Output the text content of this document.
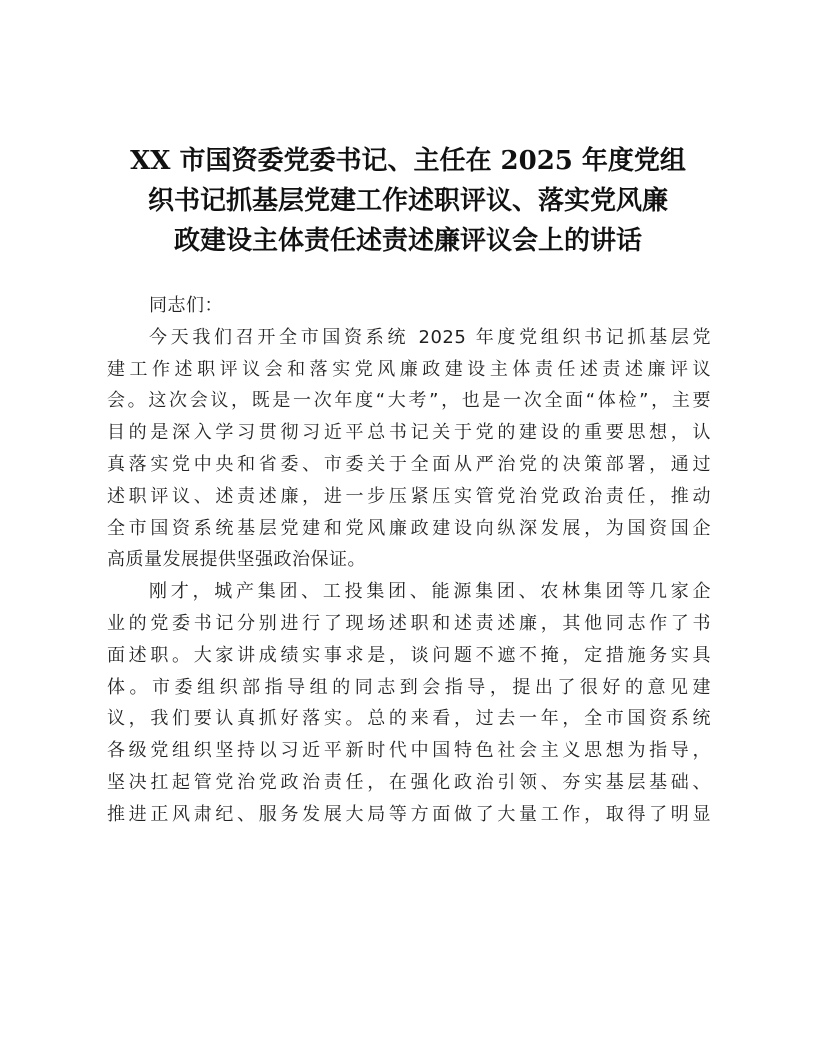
XX 市国资委党委书记、主任在 2025 年度党组
织书记抓基层党建工作述职评议、落实党风廉
政建设主体责任述责述廉评议会上的讲话
同志们：
今天我们召开全市国资系统 2025 年度党组织书记抓基层党
建工作述职评议会和落实党风廉政建设主体责任述责述廉评议
会。这次会议，既是一次年度“大考”，也是一次全面“体检”，主要
目的是深入学习贯彻习近平总书记关于党的建设的重要思想，认
真落实党中央和省委、市委关于全面从严治党的决策部署，通过
述职评议、述责述廉，进一步压紧压实管党治党政治责任，推动
全市国资系统基层党建和党风廉政建设向纵深发展，为国资国企
高质量发展提供坚强政治保证。
刚才，城产集团、工投集团、能源集团、农林集团等几家企
业的党委书记分别进行了现场述职和述责述廉，其他同志作了书
面述职。大家讲成绩实事求是，谈问题不遮不掩，定措施务实具
体。市委组织部指导组的同志到会指导，提出了很好的意见建
议，我们要认真抓好落实。总的来看，过去一年，全市国资系统
各级党组织坚持以习近平新时代中国特色社会主义思想为指导，
坚决扛起管党治党政治责任，在强化政治引领、夯实基层基础、
推进正风肃纪、服务发展大局等方面做了大量工作，取得了明显
